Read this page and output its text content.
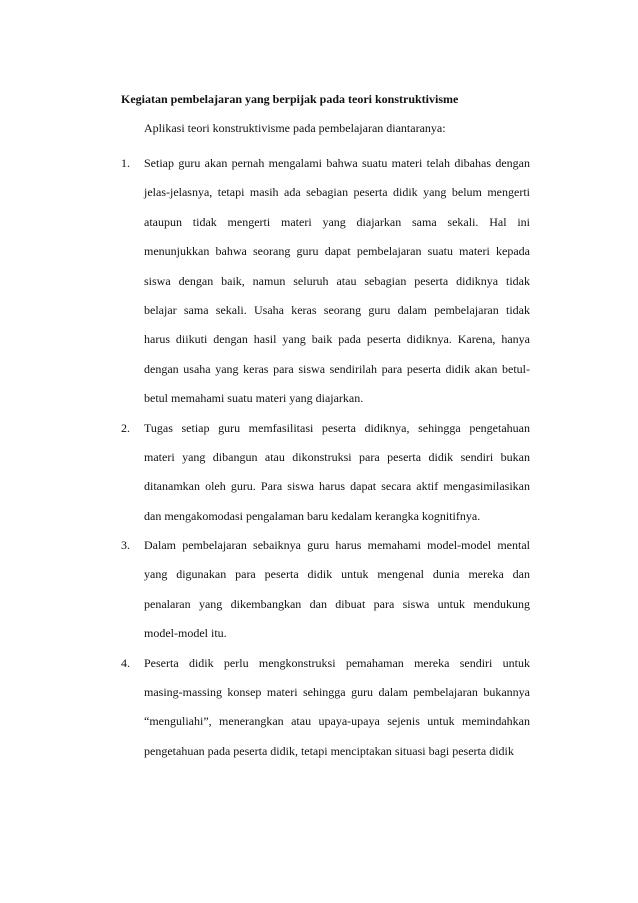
Kegiatan pembelajaran yang berpijak pada teori konstruktivisme

Aplikasi teori konstruktivisme pada pembelajaran diantaranya:

1. Setiap guru akan pernah mengalami bahwa suatu materi telah dibahas dengan
jelas-jelasnya, tetapi masih ada sebagian peserta didik yang belum mengerti
ataupun tidak mengerti materi yang diajarkan sama sekali. Hal ini
menunjukkan bahwa seorang guru dapat pembelajaran suatu materi kepada
siswa dengan baik, namun seluruh atau sebagian peserta didiknya tidak
belajar sama sekali. Usaha keras seorang guru dalam pembelajaran tidak
harus diikuti dengan hasil yang baik pada peserta didiknya. Karena, hanya
dengan usaha yang keras para siswa sendirilah para peserta didik akan betul-
betul memahami suatu materi yang diajarkan.
2. Tugas setiap guru memfasilitasi peserta didiknya, sehingga pengetahuan
materi yang dibangun atau dikonstruksi para peserta didik sendiri bukan
ditanamkan oleh guru. Para siswa harus dapat secara aktif mengasimilasikan
dan mengakomodasi pengalaman baru kedalam kerangka kognitifnya.
3. Dalam pembelajaran sebaiknya guru harus memahami model-model mental
yang digunakan para peserta didik untuk mengenal dunia mereka dan
penalaran yang dikembangkan dan dibuat para siswa untuk mendukung
model-model itu.
4. Peserta didik perlu mengkonstruksi pemahaman mereka sendiri untuk
masing-massing konsep materi sehingga guru dalam pembelajaran bukannya
“menguliahi”, menerangkan atau upaya-upaya sejenis untuk memindahkan
pengetahuan pada peserta didik, tetapi menciptakan situasi bagi peserta didik
